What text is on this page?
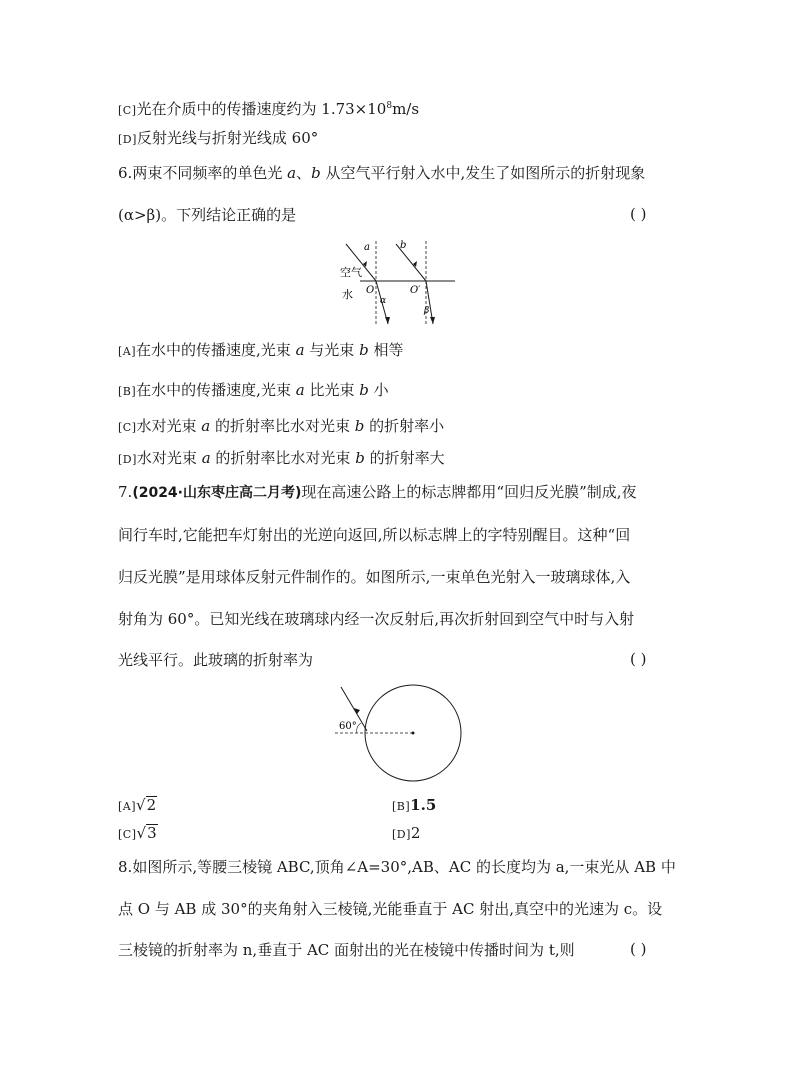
[C]光在介质中的传播速度约为 $1.73\times 10^8m/s$
[D]反射光线与折射光线成 60°
6.两束不同频率的单色光 a、b 从空气平行射入水中,发生了如图所示的折射现象
(α>β)。下列结论正确的是	( )
a	b
空气
水 O	O′
α
β
[A]在水中的传播速度,光束 a 与光束 b 相等
[B]在水中的传播速度,光束 a 比光束 b 小
[C]水对光束 a 的折射率比水对光束 b 的折射率小
[D]水对光束 a 的折射率比水对光束 b 的折射率大
7.(2024·山东枣庄高二月考)现在高速公路上的标志牌都用“回归反光膜”制成,夜
间行车时,它能把车灯射出的光逆向返回,所以标志牌上的字特别醒目。这种“回
归反光膜”是用球体反射元件制作的。如图所示,一束单色光射入一玻璃球体,入
射角为 60°。已知光线在玻璃球内经一次反射后,再次折射回到空气中时与入射
光线平行。此玻璃的折射率为	( )
60°
[A]√2	[B]1.5
[C]√3	[D]2
8.如图所示,等腰三棱镜 ABC,顶角∠A=30°,AB、AC 的长度均为 a,一束光从 AB 中
点 O 与 AB 成 30°的夹角射入三棱镜,光能垂直于 AC 射出,真空中的光速为 c。设
三棱镜的折射率为 n,垂直于 AC 面射出的光在棱镜中传播时间为 t,则	( )
